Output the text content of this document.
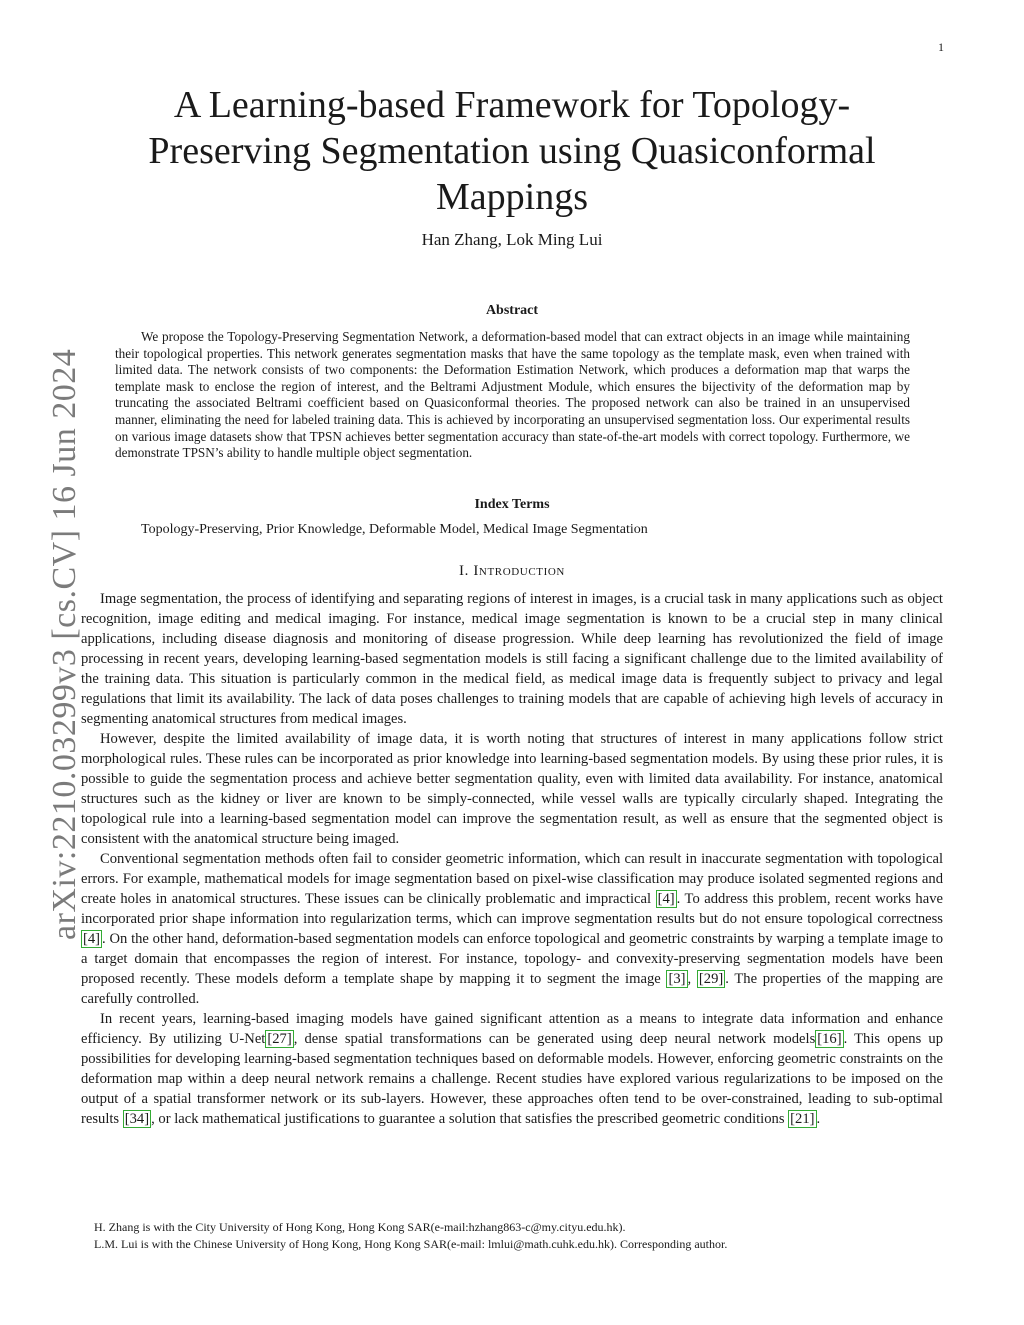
1
arXiv:2210.03299v3 [cs.CV] 16 Jun 2024
A Learning-based Framework for Topology-Preserving Segmentation using Quasiconformal Mappings
Han Zhang, Lok Ming Lui
Abstract

We propose the Topology-Preserving Segmentation Network, a deformation-based model that can extract objects in an image while maintaining their topological properties. This network generates segmentation masks that have the same topology as the template mask, even when trained with limited data. The network consists of two components: the Deformation Estimation Network, which produces a deformation map that warps the template mask to enclose the region of interest, and the Beltrami Adjustment Module, which ensures the bijectivity of the deformation map by truncating the associated Beltrami coefficient based on Quasiconformal theories. The proposed network can also be trained in an unsupervised manner, eliminating the need for labeled training data. This is achieved by incorporating an unsupervised segmentation loss. Our experimental results on various image datasets show that TPSN achieves better segmentation accuracy than state-of-the-art models with correct topology. Furthermore, we demonstrate TPSN’s ability to handle multiple object segmentation.

Index Terms
Topology-Preserving, Prior Knowledge, Deformable Model, Medical Image Segmentation
I. Introduction

Image segmentation, the process of identifying and separating regions of interest in images, is a crucial task in many applications such as object recognition, image editing and medical imaging. For instance, medical image segmentation is known to be a crucial step in many clinical applications, including disease diagnosis and monitoring of disease progression. While deep learning has revolutionized the field of image processing in recent years, developing learning-based segmentation models is still facing a significant challenge due to the limited availability of the training data. This situation is particularly common in the medical field, as medical image data is frequently subject to privacy and legal regulations that limit its availability. The lack of data poses challenges to training models that are capable of achieving high levels of accuracy in segmenting anatomical structures from medical images.

However, despite the limited availability of image data, it is worth noting that structures of interest in many applications follow strict morphological rules. These rules can be incorporated as prior knowledge into learning-based segmentation models. By using these prior rules, it is possible to guide the segmentation process and achieve better segmentation quality, even with limited data availability. For instance, anatomical structures such as the kidney or liver are known to be simply-connected, while vessel walls are typically circularly shaped. Integrating the topological rule into a learning-based segmentation model can improve the segmentation result, as well as ensure that the segmented object is consistent with the anatomical structure being imaged.

Conventional segmentation methods often fail to consider geometric information, which can result in inaccurate segmentation with topological errors. For example, mathematical models for image segmentation based on pixel-wise classification may produce isolated segmented regions and create holes in anatomical structures. These issues can be clinically problematic and impractical [4] . To address this problem, recent works have incorporated prior shape information into regularization terms, which can improve segmentation results but do not ensure topological correctness [4] . On the other hand, deformation-based segmentation models can enforce topological and geometric constraints by warping a template image to a target domain that encompasses the region of interest. For instance, topology- and convexity-preserving segmentation models have been proposed recently. These models deform a template shape by mapping it to segment the image [3] , [29] . The properties of the mapping are carefully controlled.

In recent years, learning-based imaging models have gained significant attention as a means to integrate data information and enhance efficiency. By utilizing U-Net [27] , dense spatial transformations can be generated using deep neural network models [16] . This opens up possibilities for developing learning-based segmentation techniques based on deformable models. However, enforcing geometric constraints on the deformation map within a deep neural network remains a challenge. Recent studies have explored various regularizations to be imposed on the output of a spatial transformer network or its sub-layers. However, these approaches often tend to be over-constrained, leading to sub-optimal results [34] , or lack mathematical justifications to guarantee a solution that satisfies the prescribed geometric conditions [21] .

H. Zhang is with the City University of Hong Kong, Hong Kong SAR(e-mail:hzhang863-c@my.cityu.edu.hk).
L.M. Lui is with the Chinese University of Hong Kong, Hong Kong SAR(e-mail: lmlui@math.cuhk.edu.hk). Corresponding author.
